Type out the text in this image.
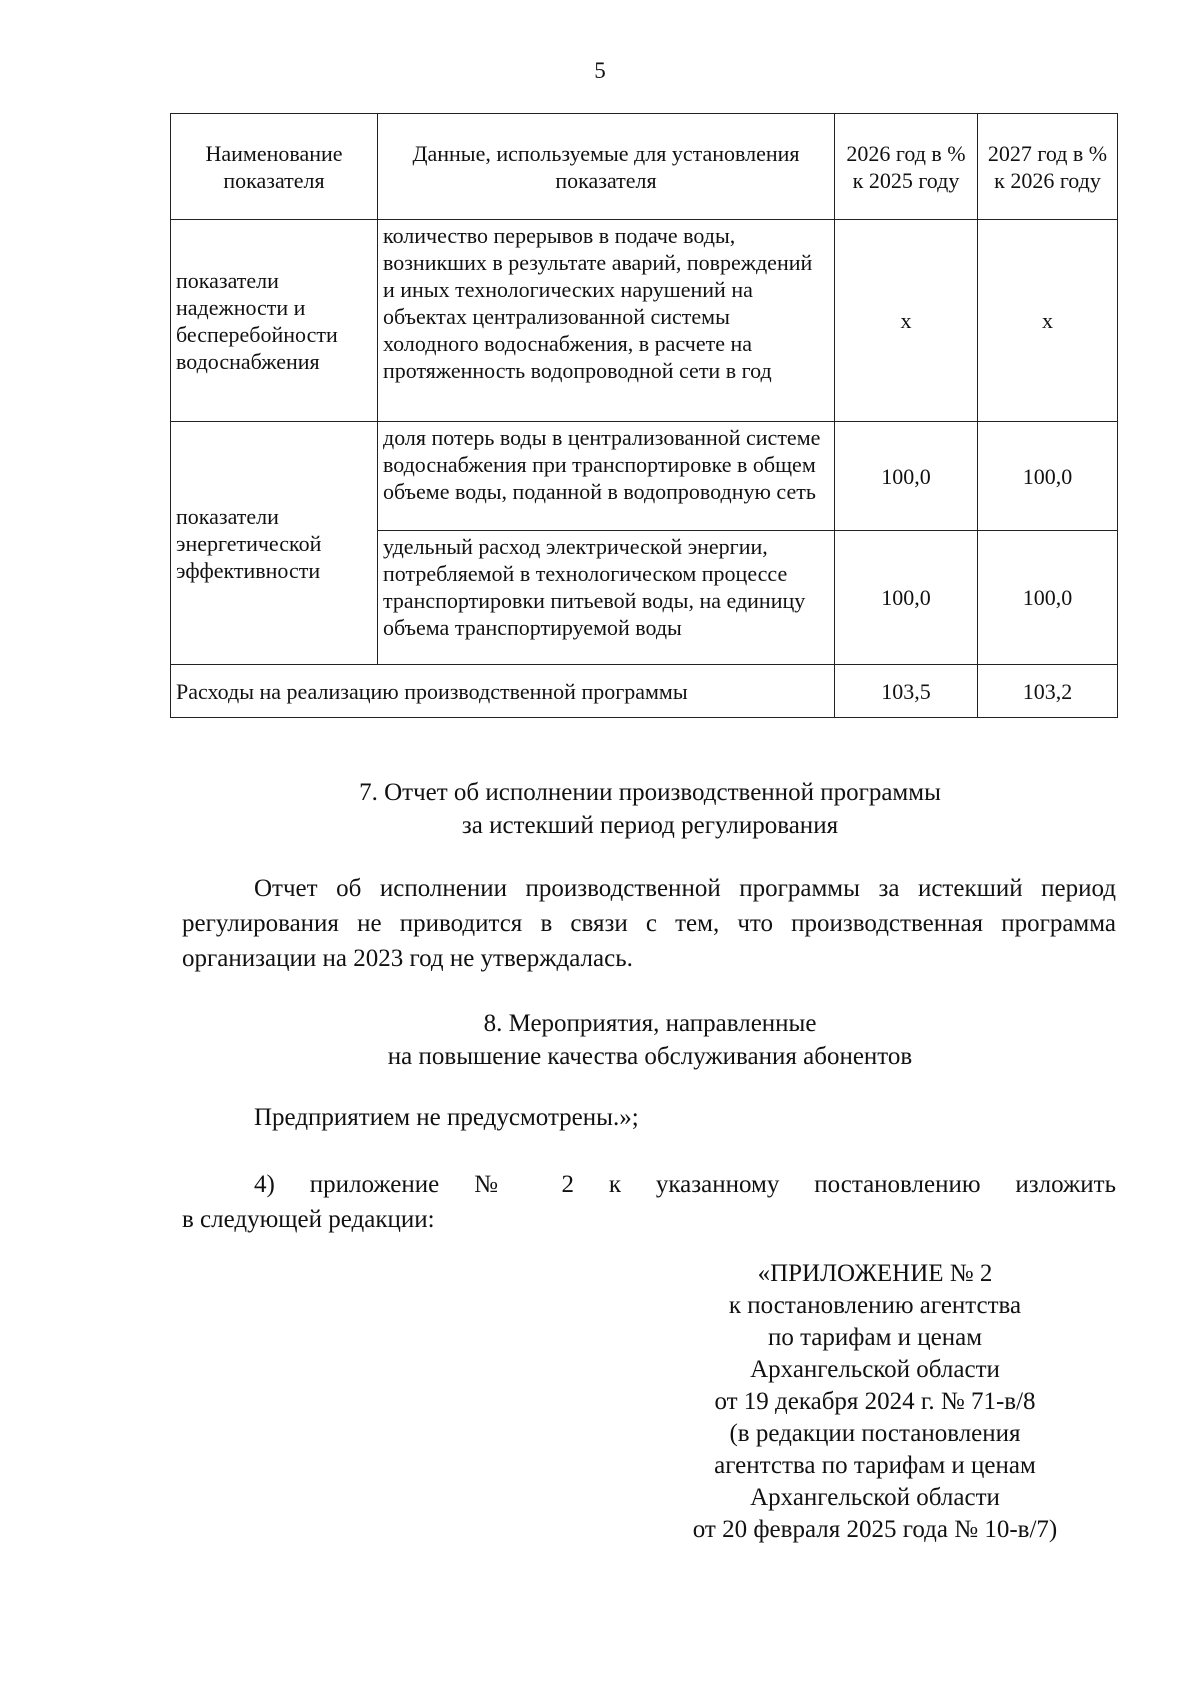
5
Наименование показателя	Данные, используемые для установления показателя	2026 год в % к 2025 году	2027 год в % к 2026 году
показатели надежности и бесперебойности водоснабжения	количество перерывов в подаче воды, возникших в результате аварий, повреждений и иных технологических нарушений на объектах централизованной системы холодного водоснабжения, в расчете на протяженность водопроводной сети в год	х	х
показатели энергетической эффективности	доля потерь воды в централизованной системе водоснабжения при транспортировке в общем объеме воды, поданной в водопроводную сеть	100,0	100,0
	удельный расход электрической энергии, потребляемой в технологическом процессе транспортировки питьевой воды, на единицу объема транспортируемой воды	100,0	100,0
Расходы на реализацию производственной программы		103,5	103,2
7. Отчет об исполнении производственной программы
за истекший период регулирования
Отчет об исполнении производственной программы за истекший период регулирования не приводится в связи с тем, что производственная программа организации на 2023 год не утверждалась.
8. Мероприятия, направленные
на повышение качества обслуживания абонентов
Предприятием не предусмотрены.»;
4) приложение № 2 к указанному постановлению изложить
в следующей редакции:
«ПРИЛОЖЕНИЕ № 2
к постановлению агентства
по тарифам и ценам
Архангельской области
от 19 декабря 2024 г. № 71-в/8
(в редакции постановления
агентства по тарифам и ценам
Архангельской области
от 20 февраля 2025 года № 10-в/7)
